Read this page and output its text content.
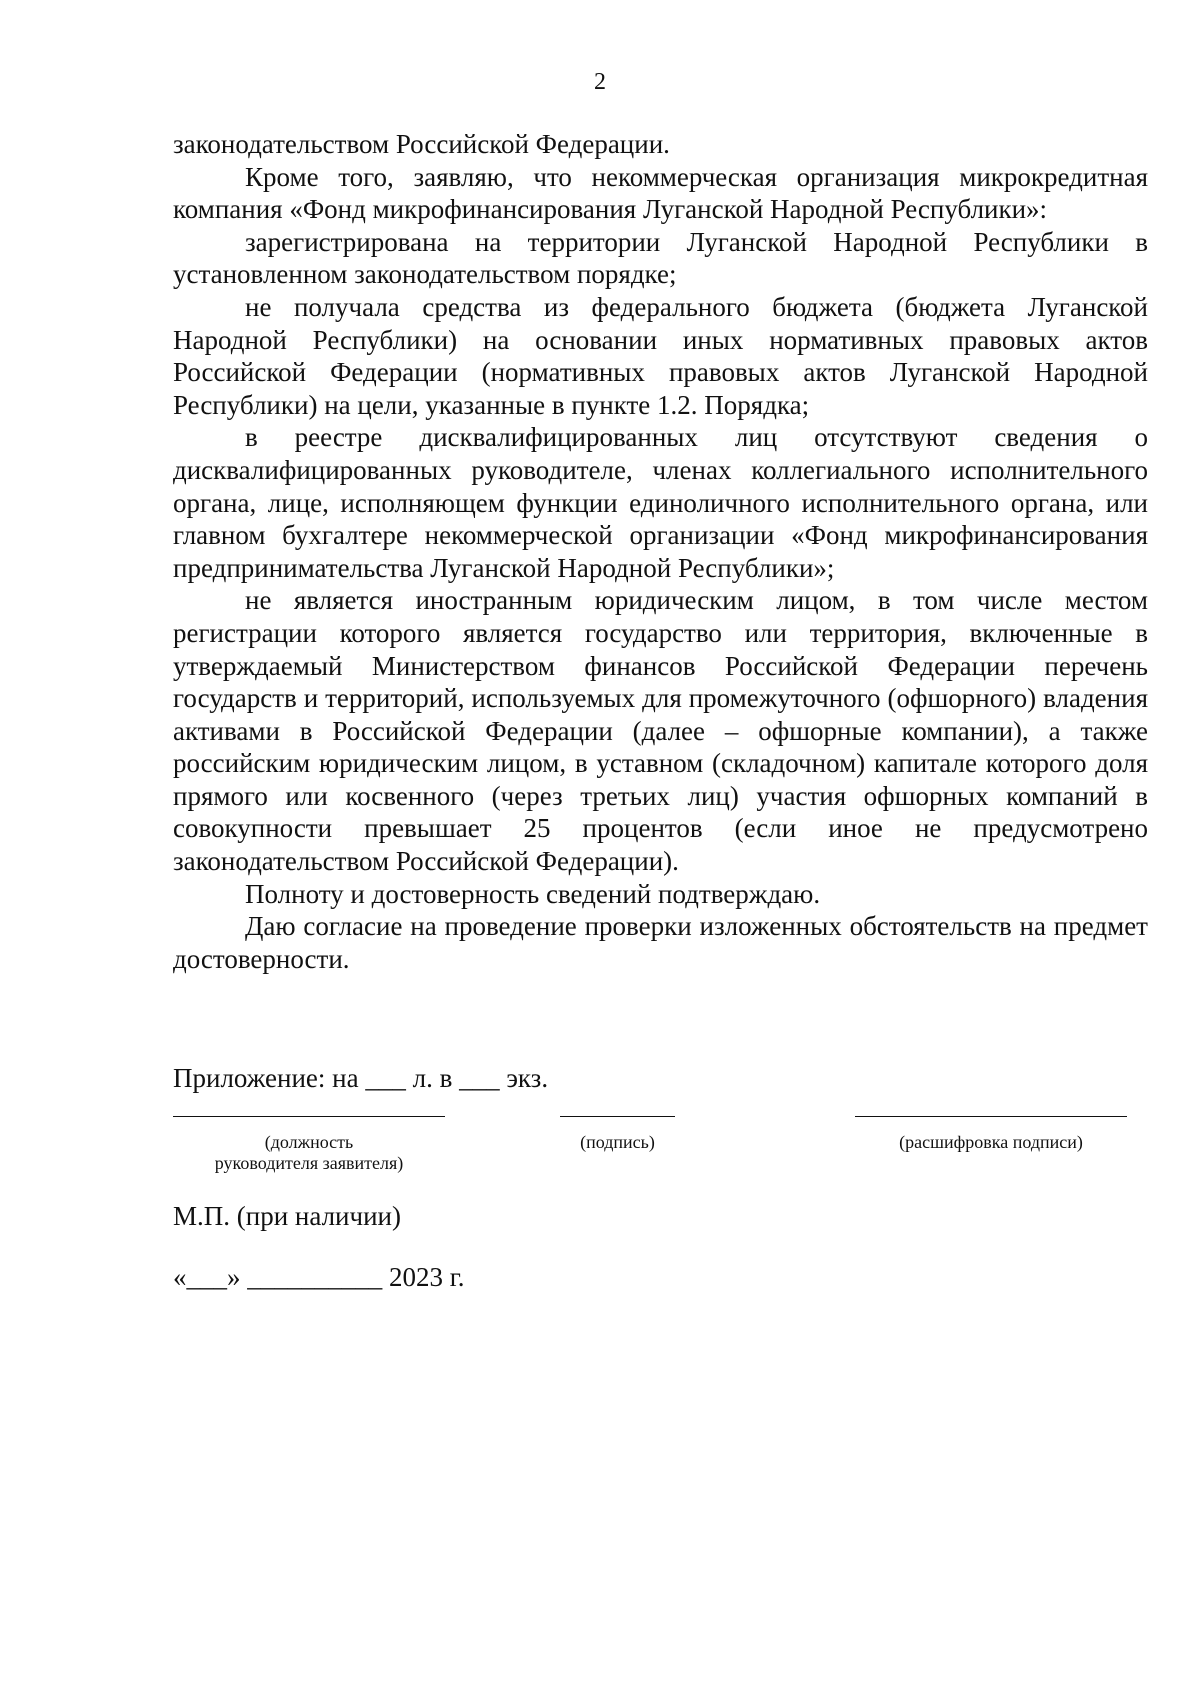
2

законодательством Российской Федерации.

Кроме того, заявляю, что некоммерческая организация микрокредитная компания «Фонд микрофинансирования Луганской Народной Республики»:

зарегистрирована на территории Луганской Народной Республики в установленном законодательством порядке;

не получала средства из федерального бюджета (бюджета Луганской Народной Республики) на основании иных нормативных правовых актов Российской Федерации (нормативных правовых актов Луганской Народной Республики) на цели, указанные в пункте 1.2. Порядка;

в реестре дисквалифицированных лиц отсутствуют сведения о дисквалифицированных руководителе, членах коллегиального исполнительного органа, лице, исполняющем функции единоличного исполнительного органа, или главном бухгалтере некоммерческой организации «Фонд микрофинансирования предпринимательства Луганской Народной Республики»;

не является иностранным юридическим лицом, в том числе местом регистрации которого является государство или территория, включенные в утверждаемый Министерством финансов Российской Федерации перечень государств и территорий, используемых для промежуточного (офшорного) владения активами в Российской Федерации (далее – офшорные компании), а также российским юридическим лицом, в уставном (складочном) капитале которого доля прямого или косвенного (через третьих лиц) участия офшорных компаний в совокупности превышает 25 процентов (если иное не предусмотрено законодательством Российской Федерации).

Полноту и достоверность сведений подтверждаю.

Даю согласие на проведение проверки изложенных обстоятельств на предмет достоверности.

Приложение: на ___ л. в ___ экз.
(должность руководителя заявителя)
(подпись)	(расшифровка подписи)
М.П. (при наличии)
«___» __________ 2023 г.
